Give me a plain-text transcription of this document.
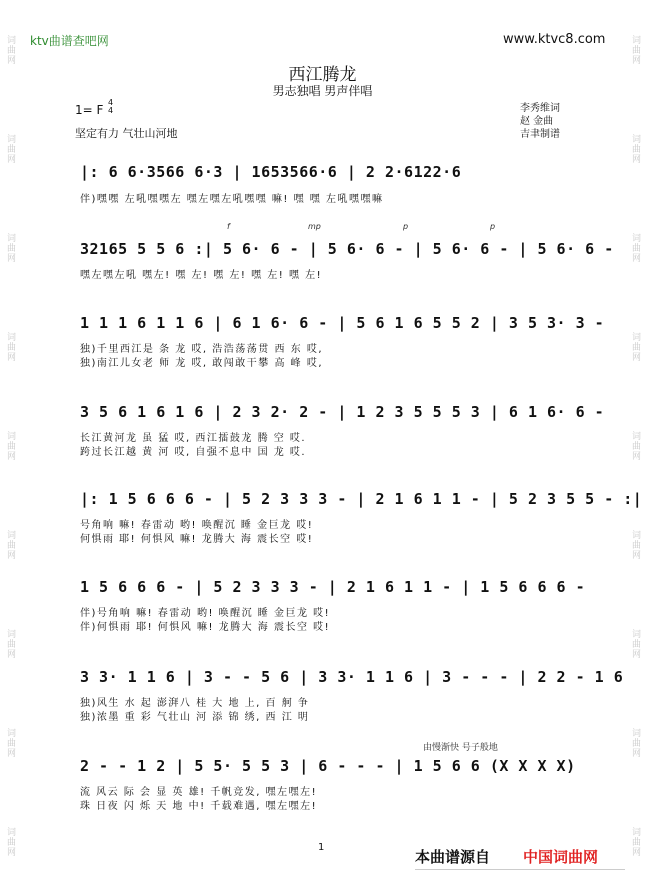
词曲网
词曲网
词曲网
词曲网
词曲网
词曲网
词曲网
词曲网
词曲网
词曲网
词曲网
词曲网
词曲网
词曲网
词曲网
词曲网
词曲网
词曲网
ktv曲谱查吧网	www.ktvc8.com
西江腾龙
男志独唱 男声伴唱
1= F
4
4
坚定有力 气壮山河地
李秀维词
赵 金曲
吉聿制谱
f	mp	p	p
由慢渐快 号子般地
|: 6 6·3566 6·3 | 1653566·6 | 2 2·6122·6
伴)嘿嘿 左吼嘿嘿左 嘿左嘿左吼嘿嘿 嘛! 嘿 嘿 左吼嘿嘿嘛
32165 5 5 6 :| 5 6· 6 - | 5 6· 6 - | 5 6· 6 - | 5 6· 6 -
嘿左嘿左吼 嘿左! 嘿 左! 嘿 左! 嘿 左! 嘿 左!
1 1 1 6 1 1 6 | 6 1 6· 6 - | 5 6 1 6 5 5 2 | 3 5 3· 3 -
独)千里西江是 条 龙 哎, 浩浩荡荡贯 西 东 哎,
独)南江儿女老 师 龙 哎, 敢闯敢干攀 高 峰 哎,
3 5 6 1 6 1 6 | 2 3 2· 2 - | 1 2 3 5 5 5 3 | 6 1 6· 6 -
长江黄河龙 虽 猛 哎, 西江擂鼓龙 腾 空 哎.
跨过长江越 黄 河 哎, 自强不息中 国 龙 哎.
|: 1 5 6 6 6 - | 5 2 3 3 3 - | 2 1 6 1 1 - | 5 2 3 5 5 - :|
号角响 嘛! 春雷动 哟! 唤醒沉 睡 金巨龙 哎!
何惧雨 耶! 何惧风 嘛! 龙腾大 海 震长空 哎!
1 5 6 6 6 - | 5 2 3 3 3 - | 2 1 6 1 1 - | 1 5 6 6 6 -
伴)号角响 嘛! 春雷动 哟! 唤醒沉 睡 金巨龙 哎!
伴)何惧雨 耶! 何惧风 嘛! 龙腾大 海 震长空 哎!
3 3· 1 1 6 | 3 - - 5 6 | 3 3· 1 1 6 | 3 - - - | 2 2 - 1 6
独)风生 水 起 澎湃八 桂 大 地 上, 百 舸 争
独)浓墨 重 彩 气壮山 河 添 锦 绣, 西 江 明
2 - - 1 2 | 5 5· 5 5 3 | 6 - - - | 1 5 6 6 (X X X X)
流 风云 际 会 显 英 雄! 千帆竞发, 嘿左嘿左!
珠 日夜 闪 烁 天 地 中! 千载难遇, 嘿左嘿左!
1
本曲谱源自 中国词曲网
